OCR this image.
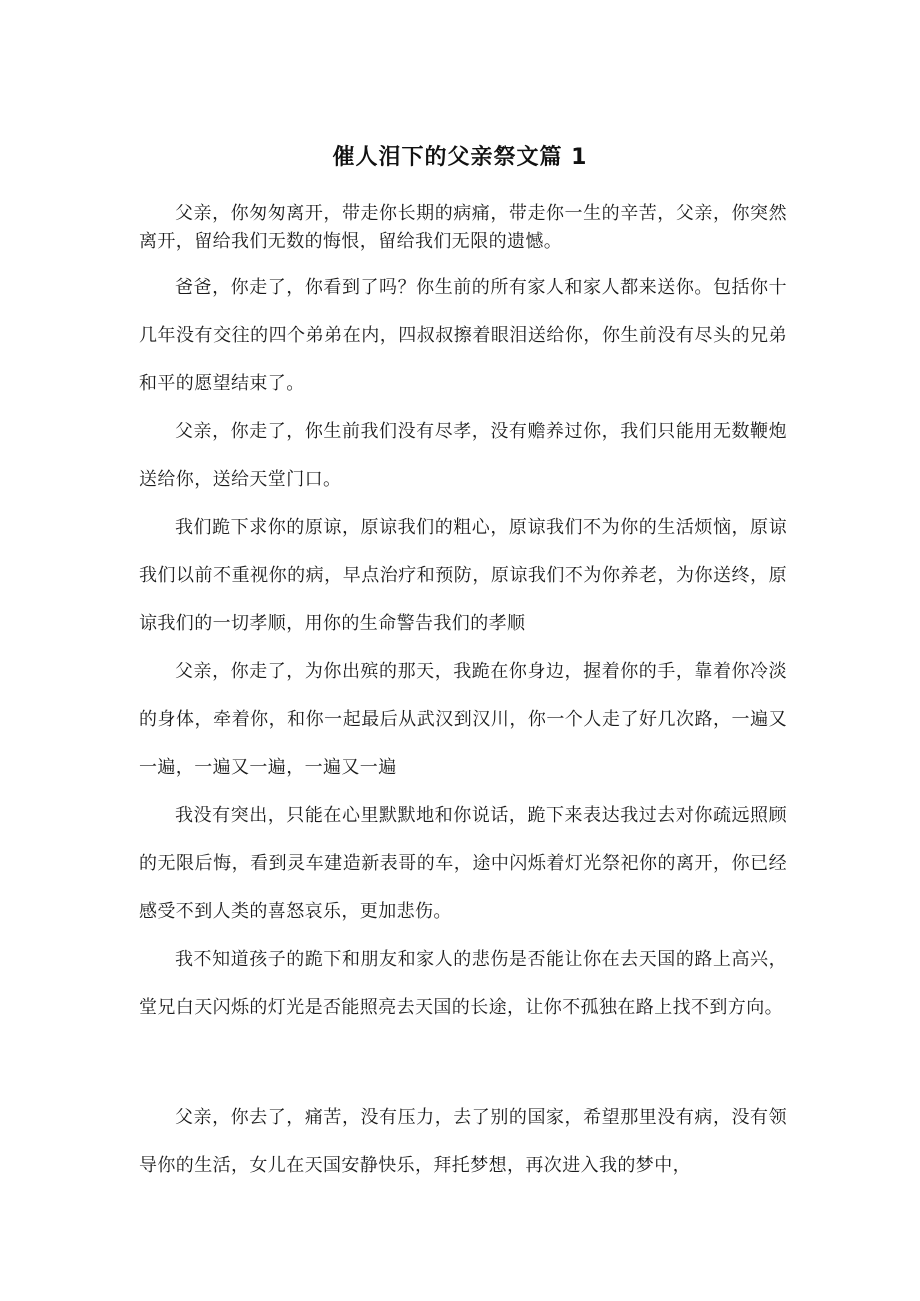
催人泪下的父亲祭文篇 1

父亲，你匆匆离开，带走你长期的病痛，带走你一生的辛苦，父亲，你突然离开，留给我们无数的悔恨，留给我们无限的遗憾。

爸爸，你走了，你看到了吗？你生前的所有家人和家人都来送你。包括你十几年没有交往的四个弟弟在内，四叔叔擦着眼泪送给你，你生前没有尽头的兄弟和平的愿望结束了。

父亲，你走了，你生前我们没有尽孝，没有赡养过你，我们只能用无数鞭炮送给你，送给天堂门口。

我们跪下求你的原谅，原谅我们的粗心，原谅我们不为你的生活烦恼，原谅我们以前不重视你的病，早点治疗和预防，原谅我们不为你养老，为你送终，原谅我们的一切孝顺，用你的生命警告我们的孝顺

父亲，你走了，为你出殡的那天，我跪在你身边，握着你的手，靠着你冷淡的身体，牵着你，和你一起最后从武汉到汉川，你一个人走了好几次路，一遍又一遍，一遍又一遍，一遍又一遍

我没有突出，只能在心里默默地和你说话，跪下来表达我过去对你疏远照顾的无限后悔，看到灵车建造新表哥的车，途中闪烁着灯光祭祀你的离开，你已经感受不到人类的喜怒哀乐，更加悲伤。

我不知道孩子的跪下和朋友和家人的悲伤是否能让你在去天国的路上高兴，堂兄白天闪烁的灯光是否能照亮去天国的长途，让你不孤独在路上找不到方向。

父亲，你去了，痛苦，没有压力，去了别的国家，希望那里没有病，没有领导你的生活，女儿在天国安静快乐，拜托梦想，再次进入我的梦中，
